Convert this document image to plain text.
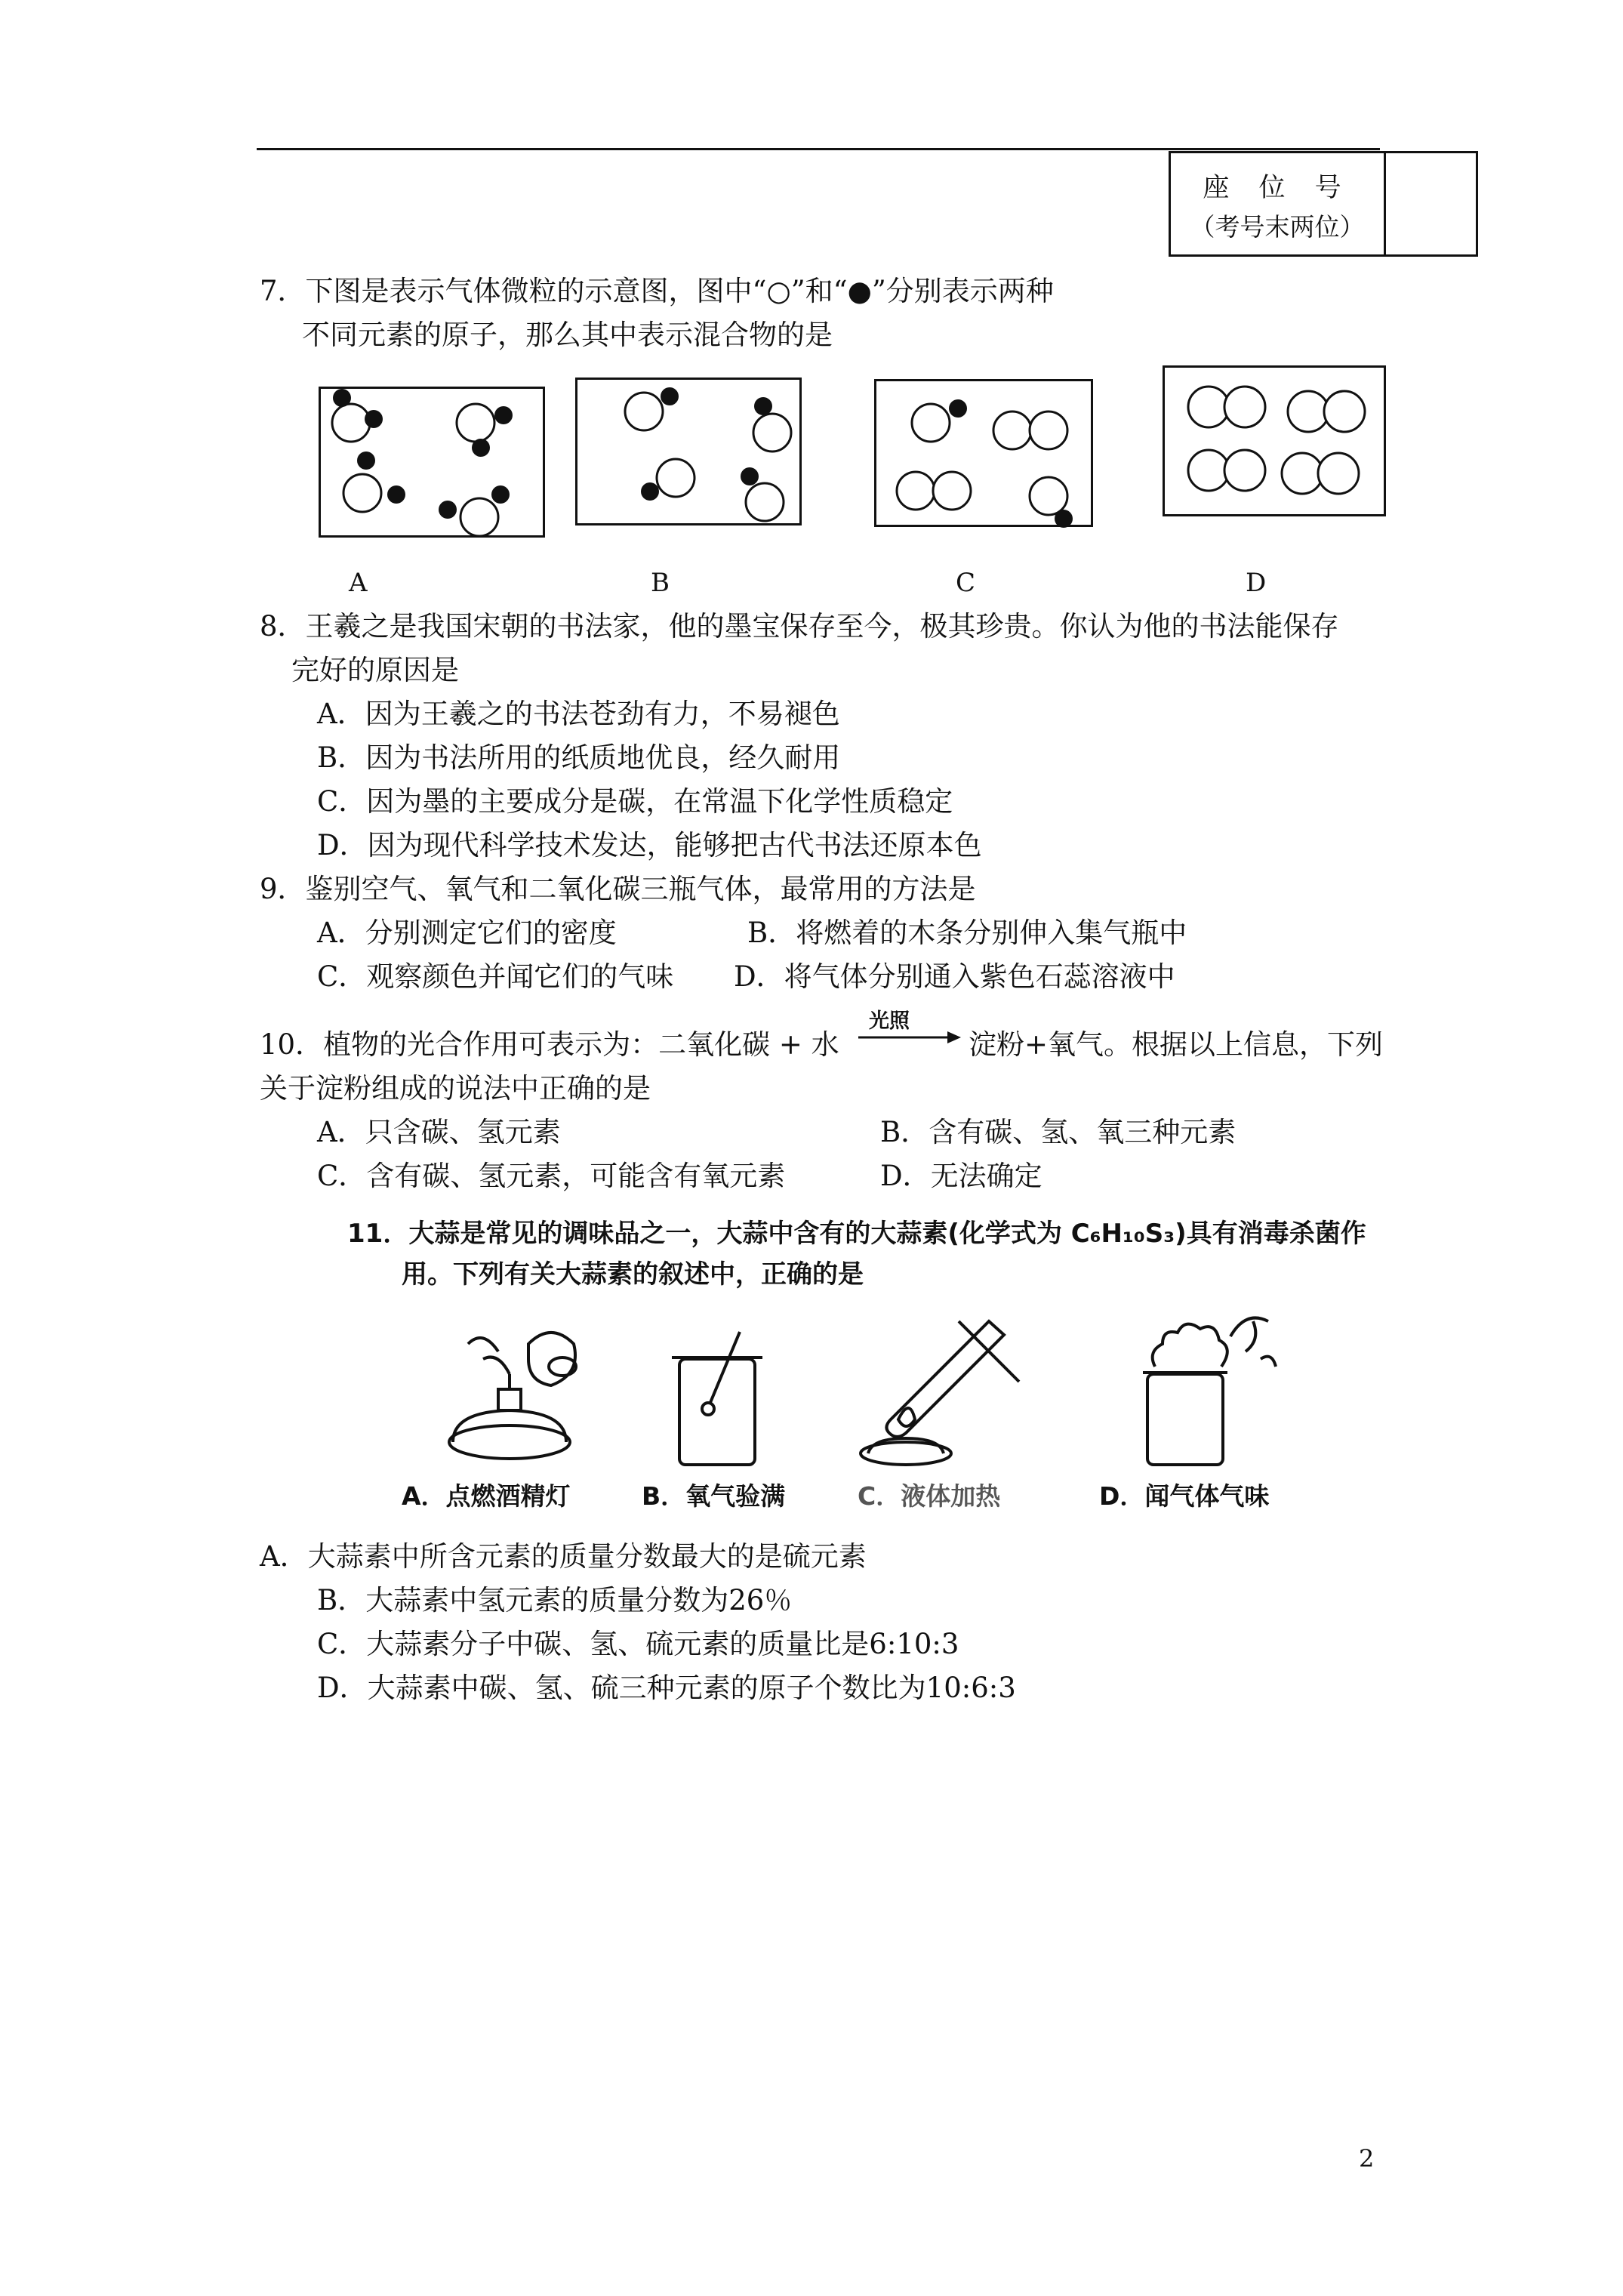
座 位 号
（考号末两位）
7．下图是表示气体微粒的示意图，图中“○”和“●”分别表示两种
不同元素的原子，那么其中表示混合物的是
A	B	C	D
8．王羲之是我国宋朝的书法家，他的墨宝保存至今，极其珍贵。你认为他的书法能保存
完好的原因是
A．因为王羲之的书法苍劲有力，不易褪色
B．因为书法所用的纸质地优良，经久耐用
C．因为墨的主要成分是碳，在常温下化学性质稳定
D．因为现代科学技术发达，能够把古代书法还原本色
9．鉴别空气、氧气和二氧化碳三瓶气体，最常用的方法是
A．分别测定它们的密度	B．将燃着的木条分别伸入集气瓶中
C．观察颜色并闻它们的气味 D．将气体分别通入紫色石蕊溶液中
10．植物的光合作用可表示为：二氧化碳 + 水
光照
淀粉+氧气。根据以上信息，下列
关于淀粉组成的说法中正确的是
A．只含碳、氢元素	B．含有碳、氢、氧三种元素
C．含有碳、氢元素，可能含有氧元素	D．无法确定
11．大蒜是常见的调味品之一，大蒜中含有的大蒜素(化学式为 C₆H₁₀S₃)具有消毒杀菌作
用。下列有关大蒜素的叙述中，正确的是
A．点燃酒精灯	B．氧气验满	C．液体加热	D．闻气体气味
A．大蒜素中所含元素的质量分数最大的是硫元素
B．大蒜素中氢元素的质量分数为26％
C．大蒜素分子中碳、氢、硫元素的质量比是6:10:3
D．大蒜素中碳、氢、硫三种元素的原子个数比为10:6:3
2
